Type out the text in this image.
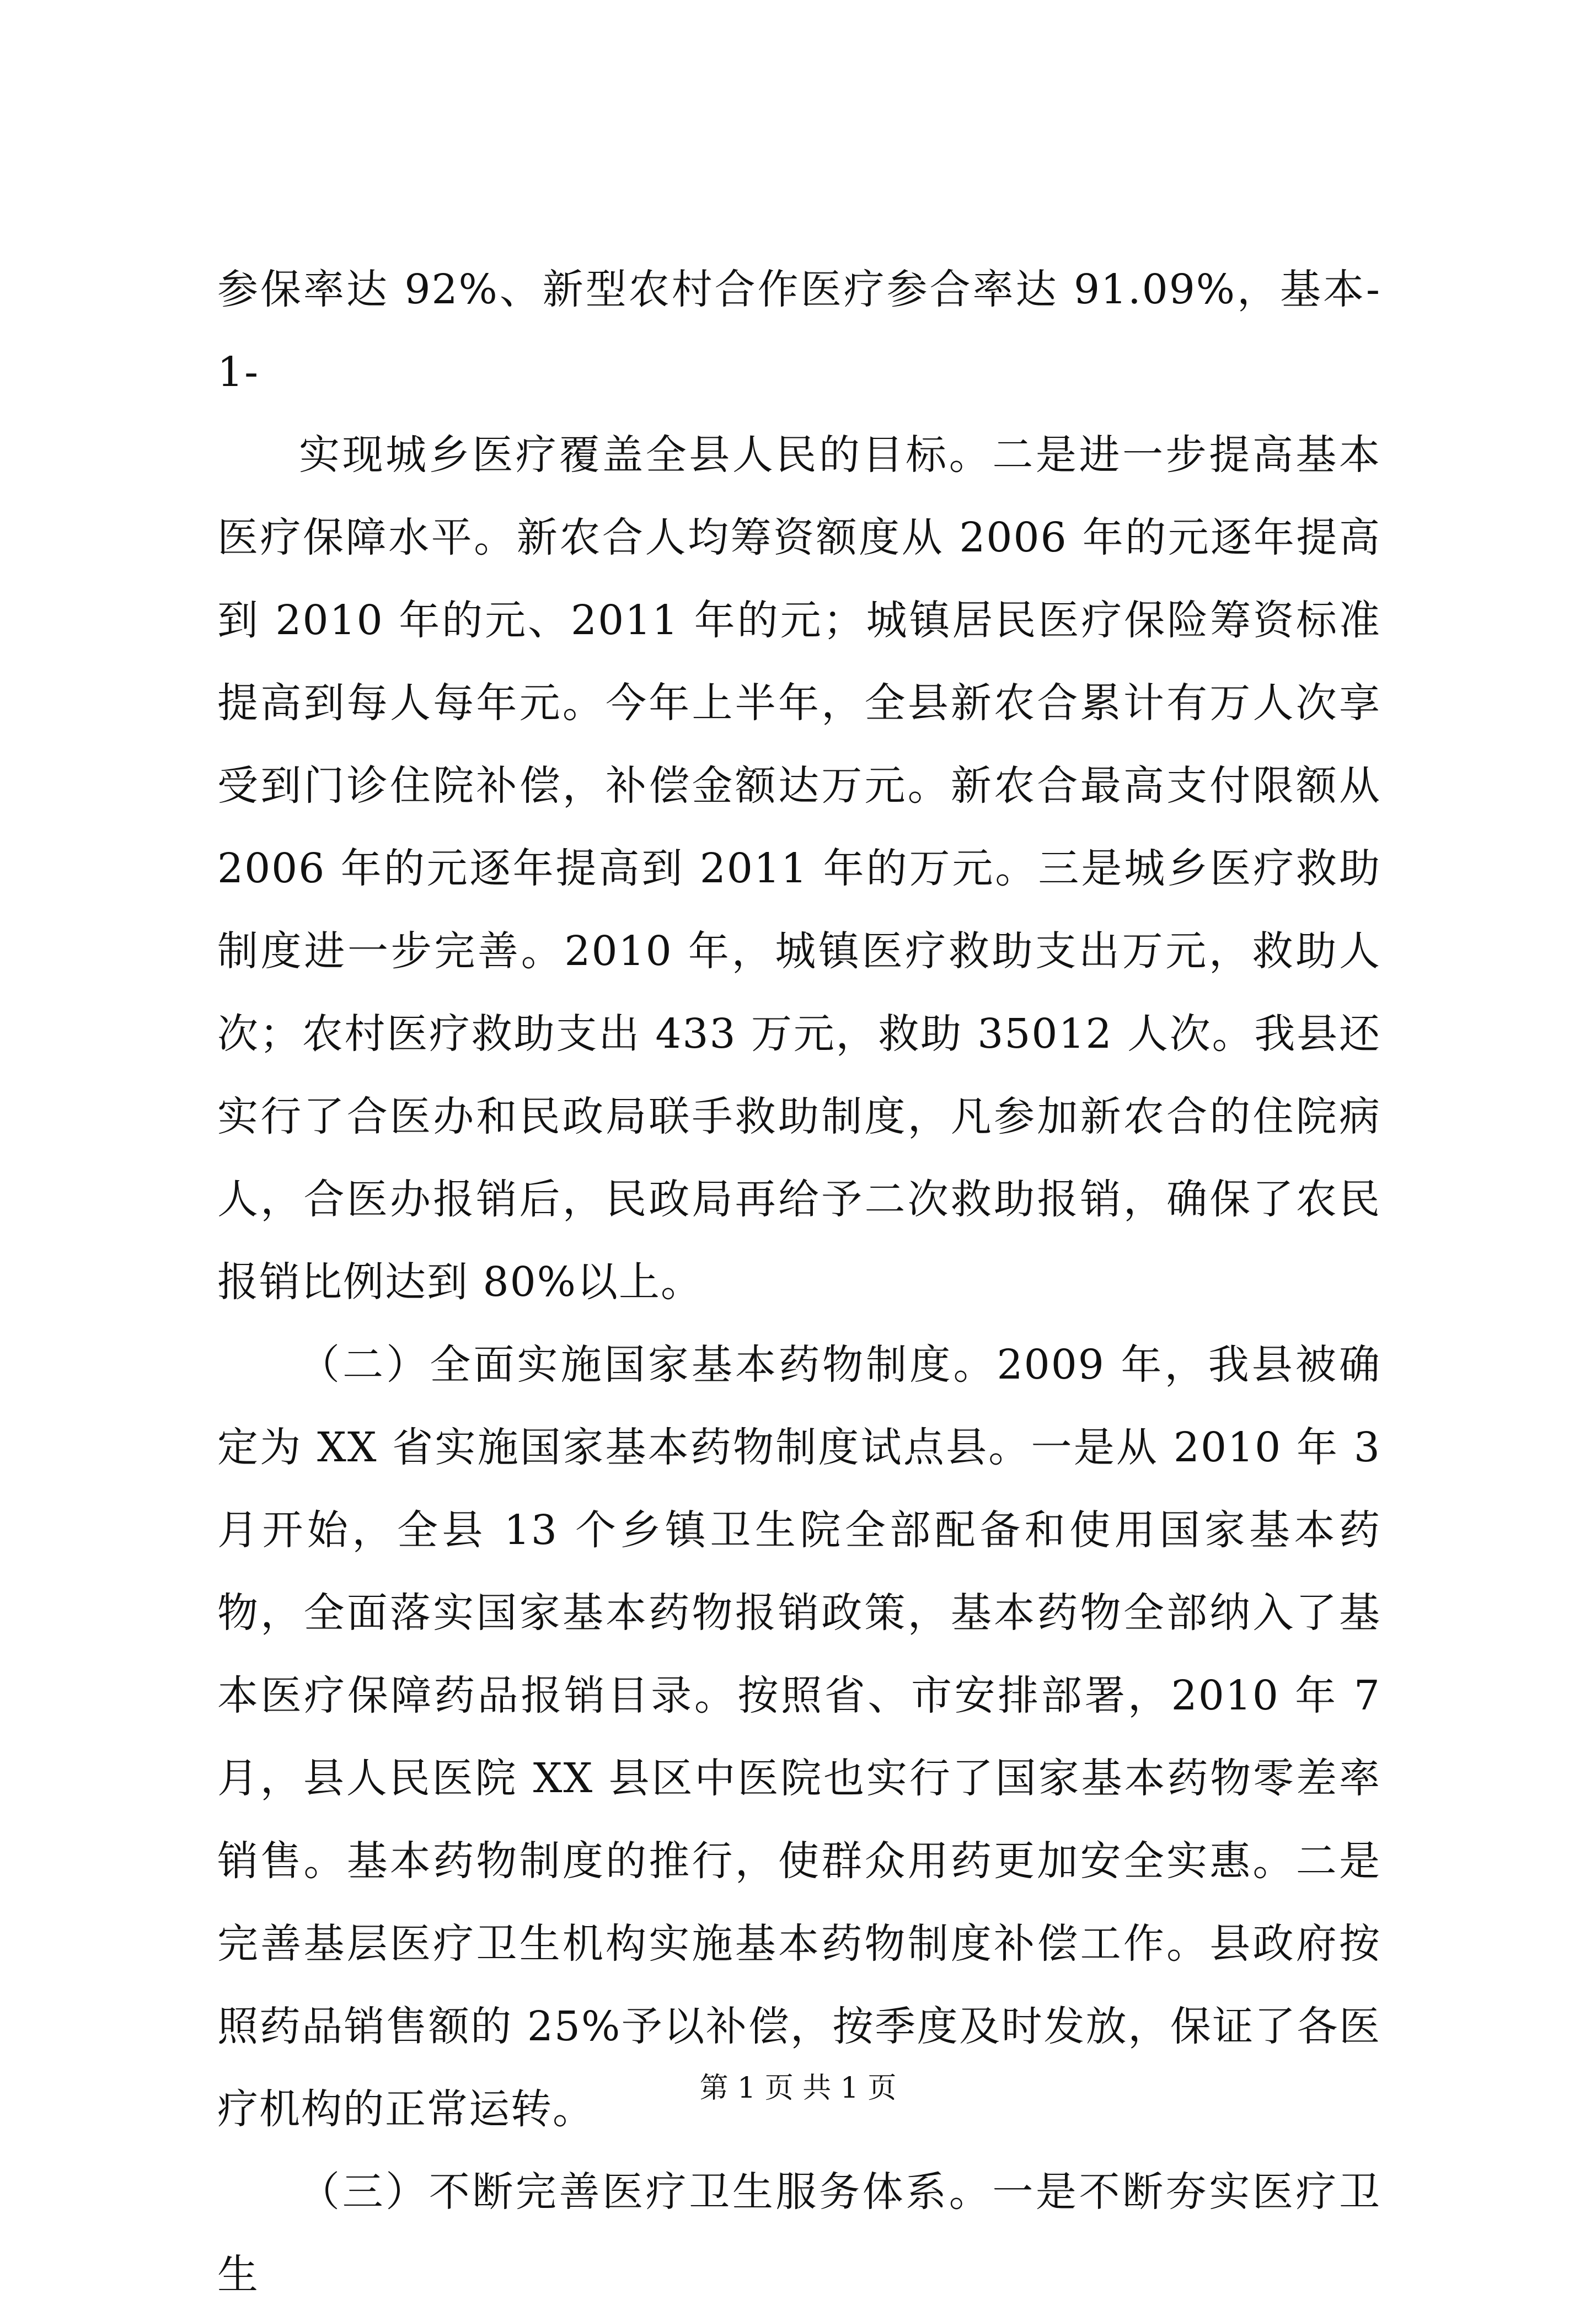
参保率达 92%、新型农村合作医疗参合率达 91.09%，基本-1-

实现城乡医疗覆盖全县人民的目标。二是进一步提高基本医疗保障水平。新农合人均筹资额度从 2006 年的元逐年提高到 2010 年的元、2011 年的元；城镇居民医疗保险筹资标准提高到每人每年元。今年上半年，全县新农合累计有万人次享受到门诊住院补偿，补偿金额达万元。新农合最高支付限额从 2006 年的元逐年提高到 2011 年的万元。三是城乡医疗救助制度进一步完善。2010 年，城镇医疗救助支出万元，救助人次；农村医疗救助支出 433 万元，救助 35012 人次。我县还实行了合医办和民政局联手救助制度，凡参加新农合的住院病人，合医办报销后，民政局再给予二次救助报销，确保了农民报销比例达到 80%以上。

（二）全面实施国家基本药物制度。2009 年，我县被确定为 XX 省实施国家基本药物制度试点县。一是从 2010 年 3 月开始，全县 13 个乡镇卫生院全部配备和使用国家基本药物，全面落实国家基本药物报销政策，基本药物全部纳入了基本医疗保障药品报销目录。按照省、市安排部署，2010 年 7 月，县人民医院 XX 县区中医院也实行了国家基本药物零差率销售。基本药物制度的推行，使群众用药更加安全实惠。二是完善基层医疗卫生机构实施基本药物制度补偿工作。县政府按照药品销售额的 25%予以补偿，按季度及时发放，保证了各医疗机构的正常运转。

（三）不断完善医疗卫生服务体系。一是不断夯实医疗卫生

第 1 页 共 1 页
